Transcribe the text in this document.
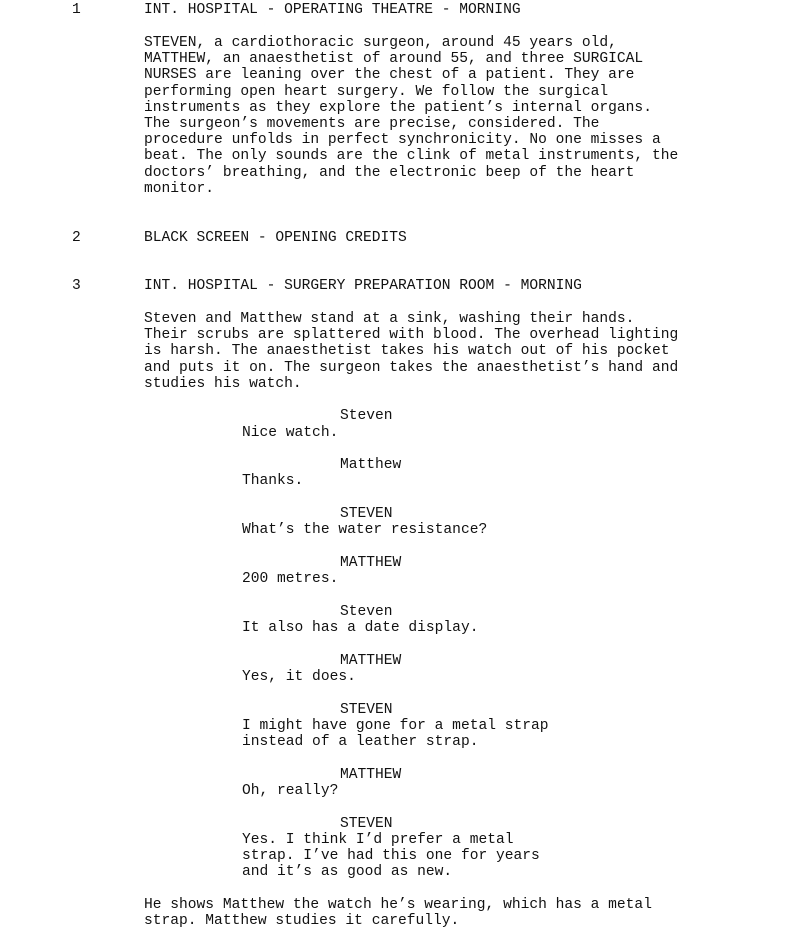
1	INT. HOSPITAL - OPERATING THEATRE - MORNING
STEVEN, a cardiothoracic surgeon, around 45 years old,
MATTHEW, an anaesthetist of around 55, and three SURGICAL
NURSES are leaning over the chest of a patient. They are
performing open heart surgery. We follow the surgical
instruments as they explore the patient’s internal organs.
The surgeon’s movements are precise, considered. The
procedure unfolds in perfect synchronicity. No one misses a
beat. The only sounds are the clink of metal instruments, the
doctors’ breathing, and the electronic beep of the heart
monitor.
2	BLACK SCREEN - OPENING CREDITS
3	INT. HOSPITAL - SURGERY PREPARATION ROOM - MORNING
Steven and Matthew stand at a sink, washing their hands.
Their scrubs are splattered with blood. The overhead lighting
is harsh. The anaesthetist takes his watch out of his pocket
and puts it on. The surgeon takes the anaesthetist’s hand and
studies his watch.
Steven
Nice watch.
Matthew
Thanks.
STEVEN
What’s the water resistance?
MATTHEW
200 metres.
Steven
It also has a date display.
MATTHEW
Yes, it does.
STEVEN
I might have gone for a metal strap
instead of a leather strap.
MATTHEW
Oh, really?
STEVEN
Yes. I think I’d prefer a metal
strap. I’ve had this one for years
and it’s as good as new.
He shows Matthew the watch he’s wearing, which has a metal
strap. Matthew studies it carefully.
